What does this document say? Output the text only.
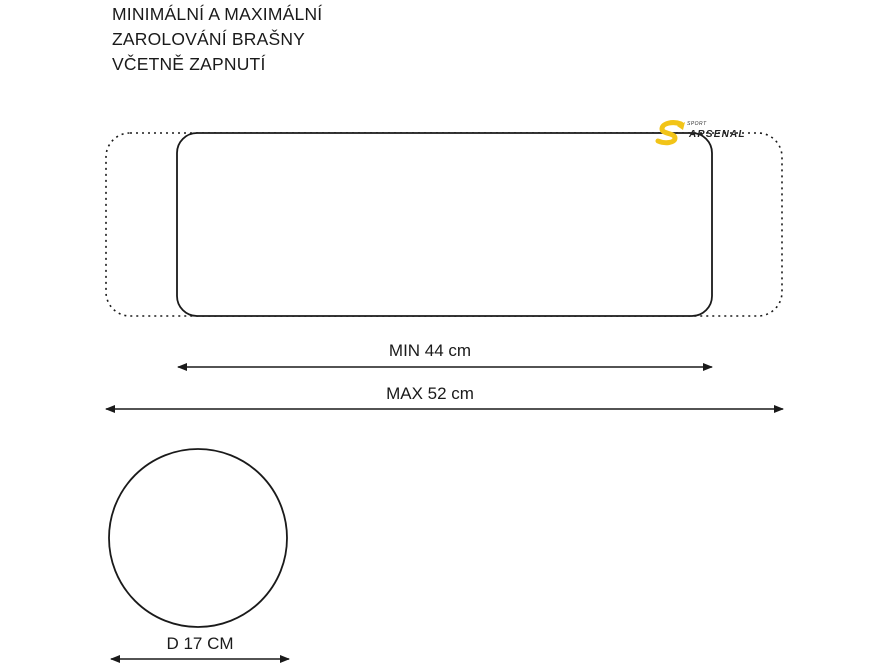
MINIMÁLNÍ A MAXIMÁLNÍ
ZAROLOVÁNÍ BRAŠNY
VČETNĚ ZAPNUTÍ
MIN 44 cm
MAX 52 cm
D 17 CM
SPORT
ARSENAL
